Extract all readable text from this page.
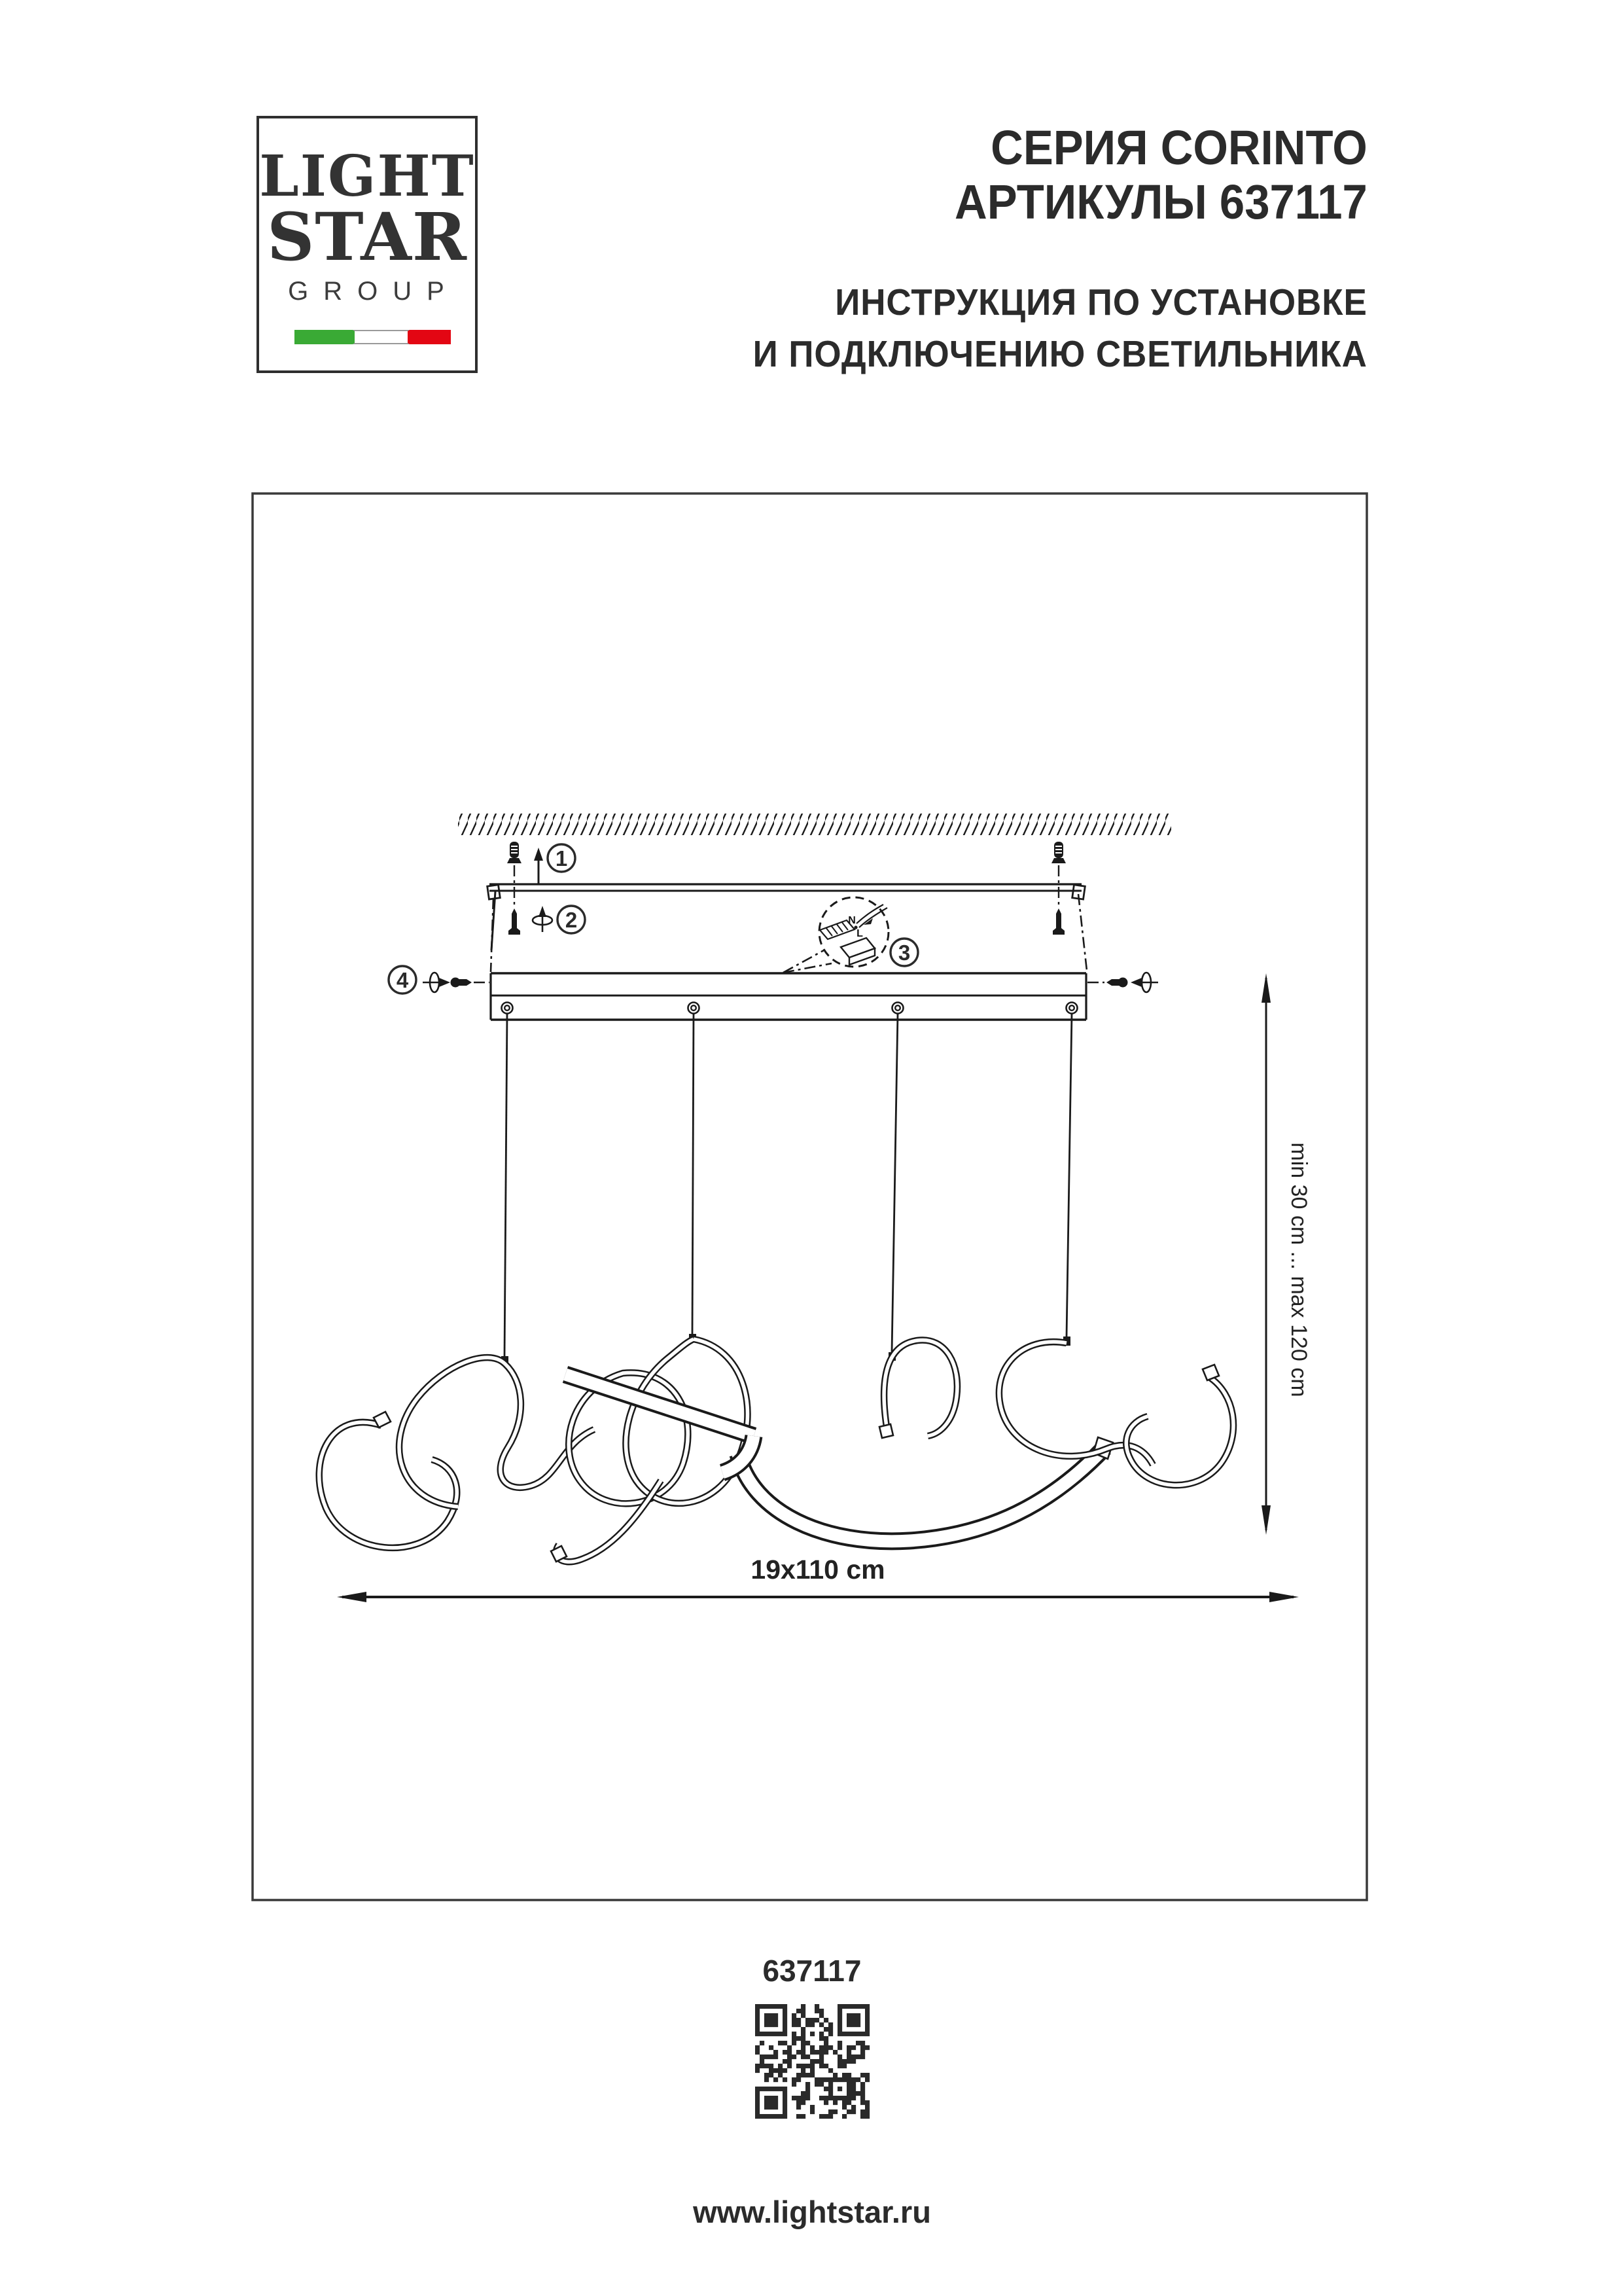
LIGHT
STAR
GROUP
СЕРИЯ CORINTO
АРТИКУЛЫ 637117
ИНСТРУКЦИЯ ПО УСТАНОВКЕ
И ПОДКЛЮЧЕНИЮ СВЕТИЛЬНИКА
1
2	N
L
3
4
min 30 cm ... max 120 cm
19x110 cm
637117
www.lightstar.ru
